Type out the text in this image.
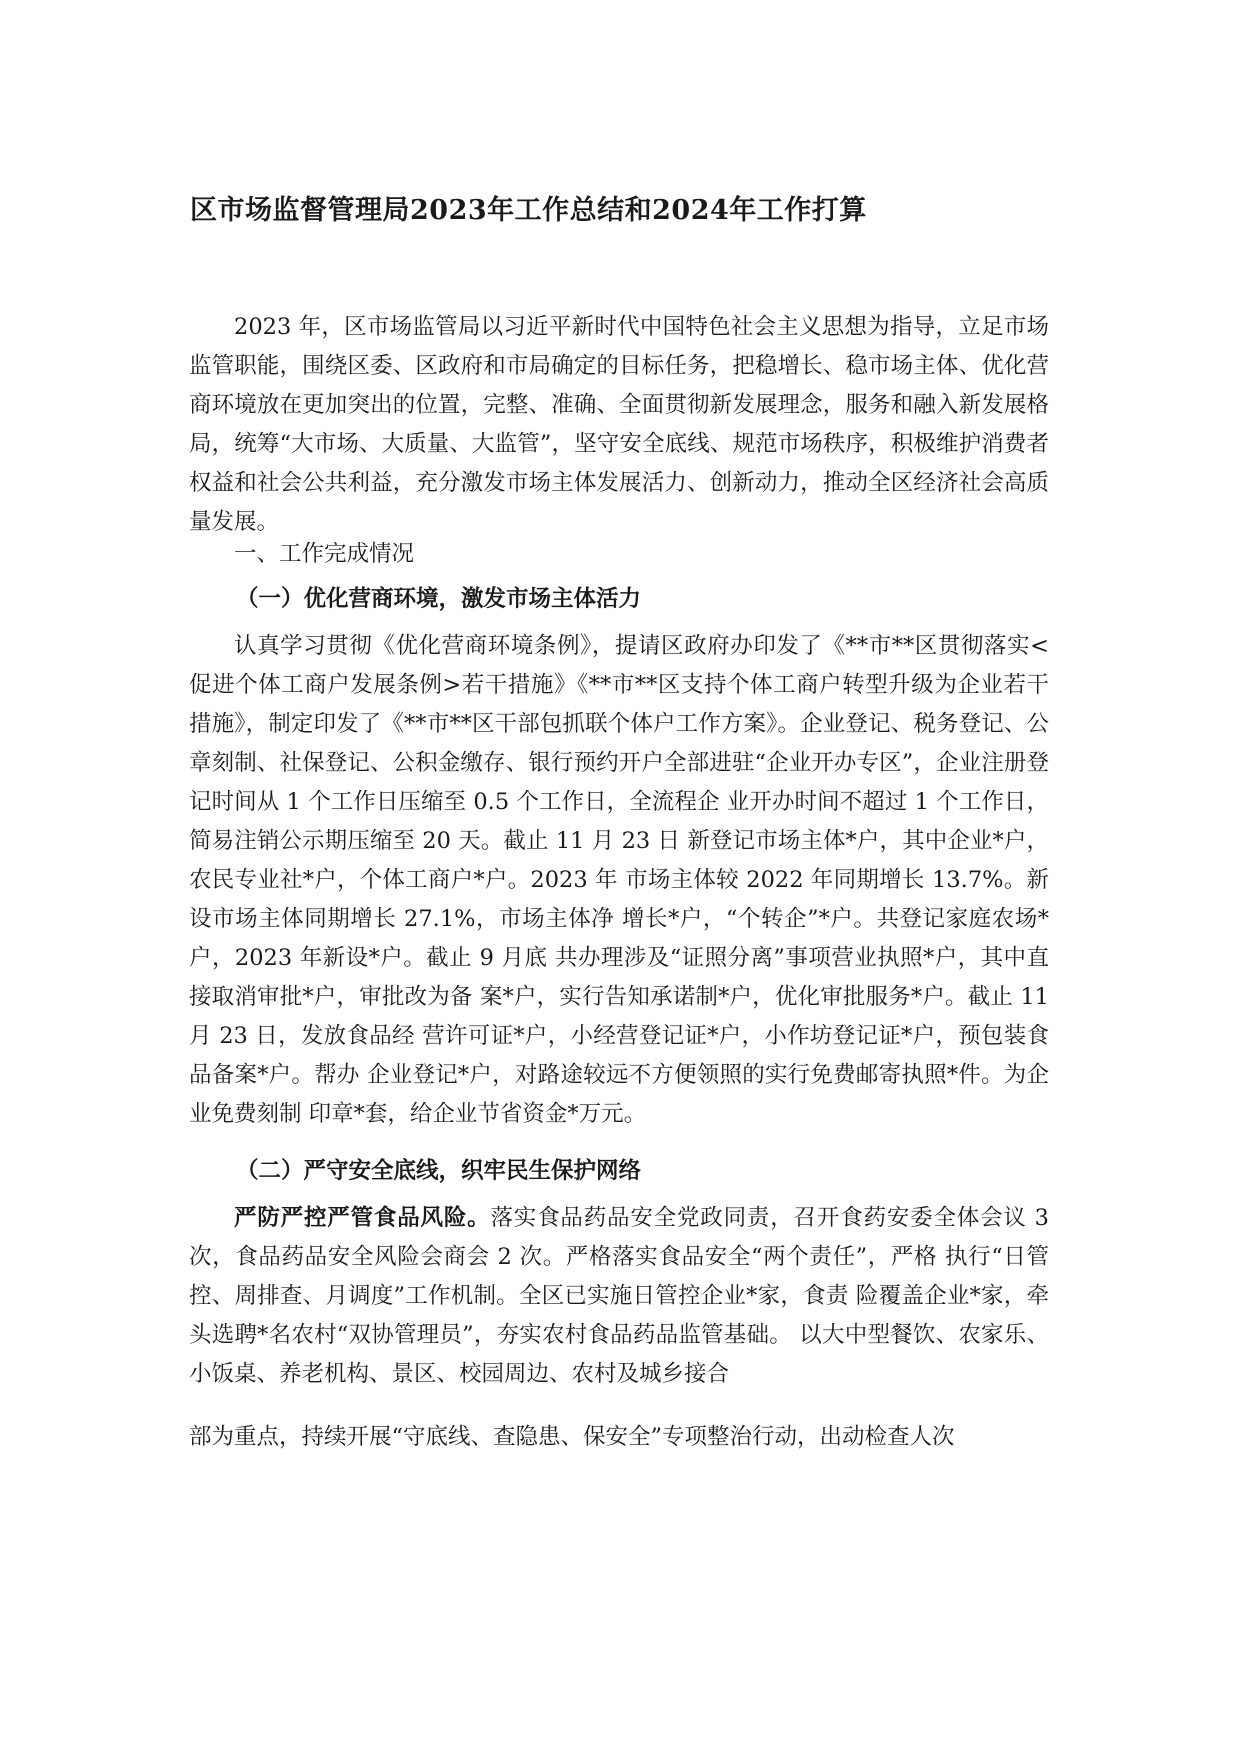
区市场监督管理局2023年工作总结和2024年工作打算
2023 年，区市场监管局以习近平新时代中国特色社会主义思想为指导，立足市场监管职能，围绕区委、区政府和市局确定的目标任务，把稳增长、稳市场主体、优化营商环境放在更加突出的位置，完整、准确、全面贯彻新发展理念，服务和融入新发展格局，统筹“大市场、大质量、大监管”，坚守安全底线、规范市场秩序，积极维护消费者权益和社会公共利益，充分激发市场主体发展活力、创新动力，推动全区经济社会高质量发展。
一、工作完成情况
（一）优化营商环境，激发市场主体活力
认真学习贯彻《优化营商环境条例》，提请区政府办印发了《**市**区贯彻落实<促进个体工商户发展条例>若干措施》《**市**区支持个体工商户转型升级为企业若干措施》，制定印发了《**市**区干部包抓联个体户工作方案》。企业登记、税务登记、公章刻制、社保登记、公积金缴存、银行预约开户全部进驻“企业开办专区”，企业注册登记时间从 1 个工作日压缩至 0.5 个工作日，全流程企 业开办时间不超过 1 个工作日，简易注销公示期压缩至 20 天。截止 11 月 23 日 新登记市场主体*户，其中企业*户，农民专业社*户，个体工商户*户。2023 年 市场主体较 2022 年同期增长 13.7%。新设市场主体同期增长 27.1%，市场主体净 增长*户，“个转企”*户。共登记家庭农场*户，2023 年新设*户。截止 9 月底 共办理涉及“证照分离”事项营业执照*户，其中直接取消审批*户，审批改为备 案*户，实行告知承诺制*户，优化审批服务*户。截止 11 月 23 日，发放食品经 营许可证*户，小经营登记证*户，小作坊登记证*户，预包装食品备案*户。帮办 企业登记*户，对路途较远不方便领照的实行免费邮寄执照*件。为企业免费刻制 印章*套，给企业节省资金*万元。
（二）严守安全底线，织牢民生保护网络
严防严控严管食品风险。落实食品药品安全党政同责，召开食药安委全体会议 3 次，食品药品安全风险会商会 2 次。严格落实食品安全“两个责任”，严格 执行“日管控、周排查、月调度”工作机制。全区已实施日管控企业*家，食责 险覆盖企业*家，牵头选聘*名农村“双协管理员”，夯实农村食品药品监管基础。 以大中型餐饮、农家乐、小饭桌、养老机构、景区、校园周边、农村及城乡接合
部为重点，持续开展“守底线、查隐患、保安全”专项整治行动，出动检查人次
